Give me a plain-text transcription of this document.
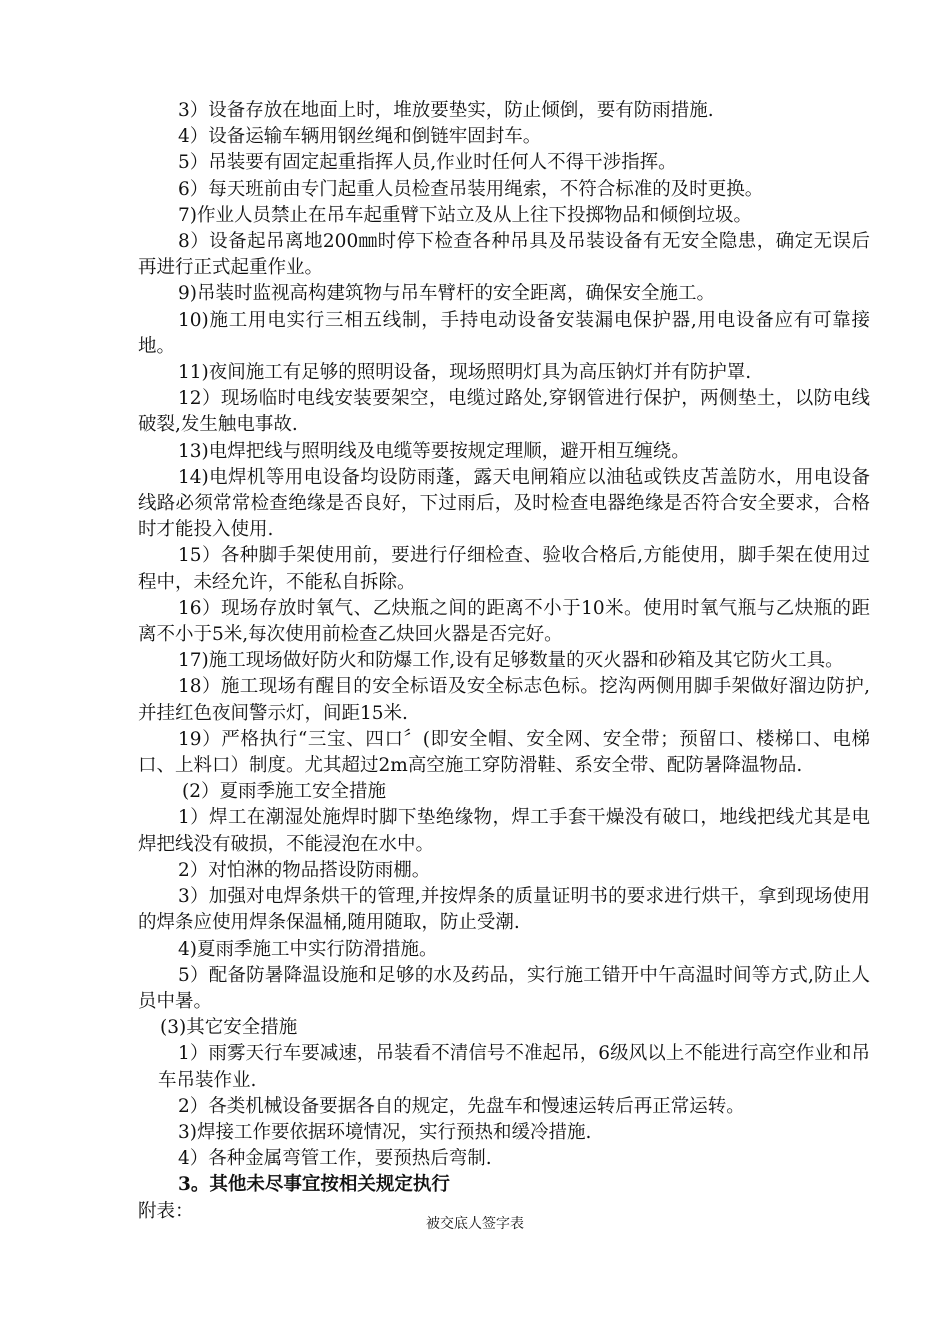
3）设备存放在地面上时，堆放要垫实，防止倾倒，要有防雨措施.

4）设备运输车辆用钢丝绳和倒链牢固封车。

5）吊装要有固定起重指挥人员,作业时任何人不得干涉指挥。

6）每天班前由专门起重人员检查吊装用绳索，不符合标准的及时更换。

7)作业人员禁止在吊车起重臂下站立及从上往下投掷物品和倾倒垃圾。

8）设备起吊离地200㎜时停下检查各种吊具及吊装设备有无安全隐患，确定无误后再进行正式起重作业。

9)吊装时监视高构建筑物与吊车臂杆的安全距离，确保安全施工。

10)施工用电实行三相五线制，手持电动设备安装漏电保护器,用电设备应有可靠接地。

11)夜间施工有足够的照明设备，现场照明灯具为高压钠灯并有防护罩.

12）现场临时电线安装要架空，电缆过路处,穿钢管进行保护，两侧垫土，以防电线破裂,发生触电事故.

13)电焊把线与照明线及电缆等要按规定理顺，避开相互缠绕。

14)电焊机等用电设备均设防雨蓬，露天电闸箱应以油毡或铁皮苫盖防水，用电设备线路必须常常检查绝缘是否良好，下过雨后，及时检查电器绝缘是否符合安全要求，合格时才能投入使用.

15）各种脚手架使用前，要进行仔细检查、验收合格后,方能使用，脚手架在使用过程中，未经允许，不能私自拆除。

16）现场存放时氧气、乙炔瓶之间的距离不小于10米。使用时氧气瓶与乙炔瓶的距离不小于5米,每次使用前检查乙炔回火器是否完好。

17)施工现场做好防火和防爆工作,设有足够数量的灭火器和砂箱及其它防火工具。

18）施工现场有醒目的安全标语及安全标志色标。挖沟两侧用脚手架做好溜边防护,并挂红色夜间警示灯，间距15米.

19）严格执行“三宝、四口〞(即安全帽、安全网、安全带；预留口、楼梯口、电梯口、上料口）制度。尤其超过2m高空施工穿防滑鞋、系安全带、配防暑降温物品.

(2）夏雨季施工安全措施

1）焊工在潮湿处施焊时脚下垫绝缘物，焊工手套干燥没有破口，地线把线尤其是电焊把线没有破损，不能浸泡在水中。

2）对怕淋的物品搭设防雨棚。

3）加强对电焊条烘干的管理,并按焊条的质量证明书的要求进行烘干，拿到现场使用的焊条应使用焊条保温桶,随用随取，防止受潮.

4)夏雨季施工中实行防滑措施。

5）配备防暑降温设施和足够的水及药品，实行施工错开中午高温时间等方式,防止人员中暑。

(3)其它安全措施

1）雨雾天行车要减速，吊装看不清信号不准起吊，6级风以上不能进行高空作业和吊车吊装作业.

2）各类机械设备要据各自的规定，先盘车和慢速运转后再正常运转。

3)焊接工作要依据环境情况，实行预热和缓冷措施.

4）各种金属弯管工作，要预热后弯制.

3。其他未尽事宜按相关规定执行

附表：

被交底人签字表
